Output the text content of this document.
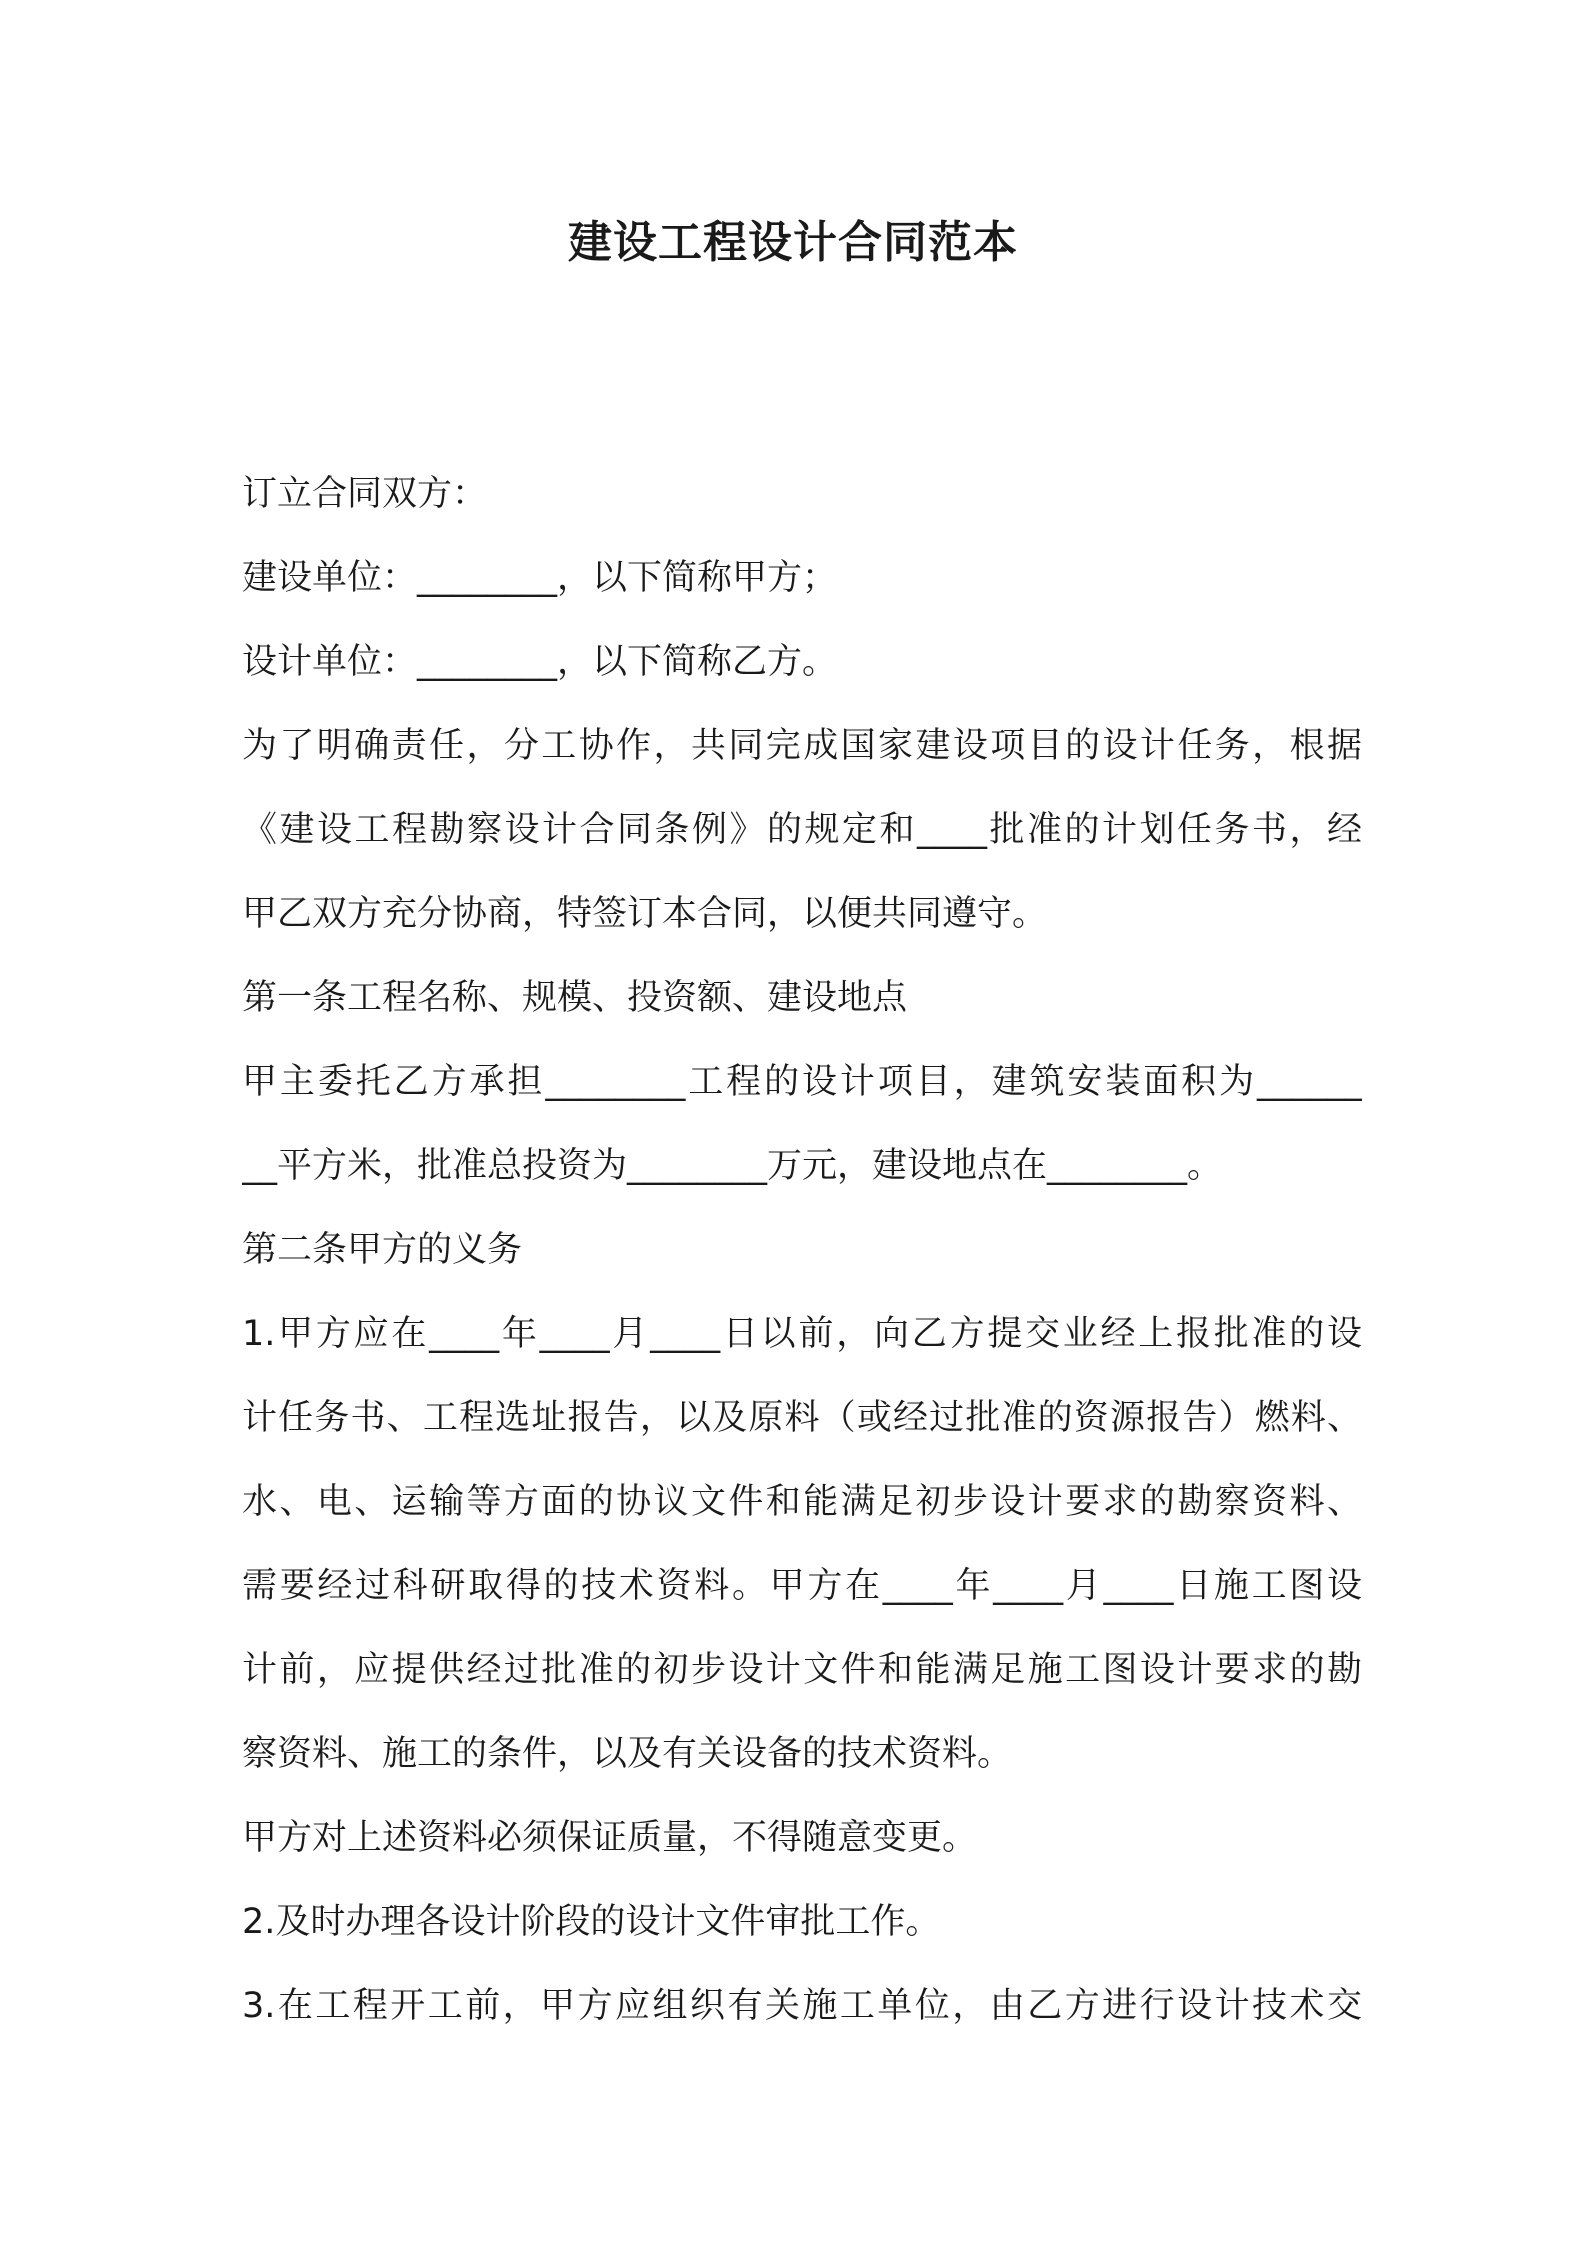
建设工程设计合同范本
订立合同双方：
建设单位：________，以下简称甲方；
设计单位：________，以下简称乙方。
为了明确责任，分工协作，共同完成国家建设项目的设计任务，根据
《建设工程勘察设计合同条例》的规定和____批准的计划任务书，经
甲乙双方充分协商，特签订本合同，以便共同遵守。
第一条工程名称、规模、投资额、建设地点
甲主委托乙方承担________工程的设计项目，建筑安装面积为______
__平方米，批准总投资为________万元，建设地点在________。
第二条甲方的义务
1.甲方应在____年____月____日以前，向乙方提交业经上报批准的设
计任务书、工程选址报告，以及原料（或经过批准的资源报告）燃料、
水、电、运输等方面的协议文件和能满足初步设计要求的勘察资料、
需要经过科研取得的技术资料。甲方在____年____月____日施工图设
计前，应提供经过批准的初步设计文件和能满足施工图设计要求的勘
察资料、施工的条件，以及有关设备的技术资料。
甲方对上述资料必须保证质量，不得随意变更。
2.及时办理各设计阶段的设计文件审批工作。
3.在工程开工前，甲方应组织有关施工单位，由乙方进行设计技术交
